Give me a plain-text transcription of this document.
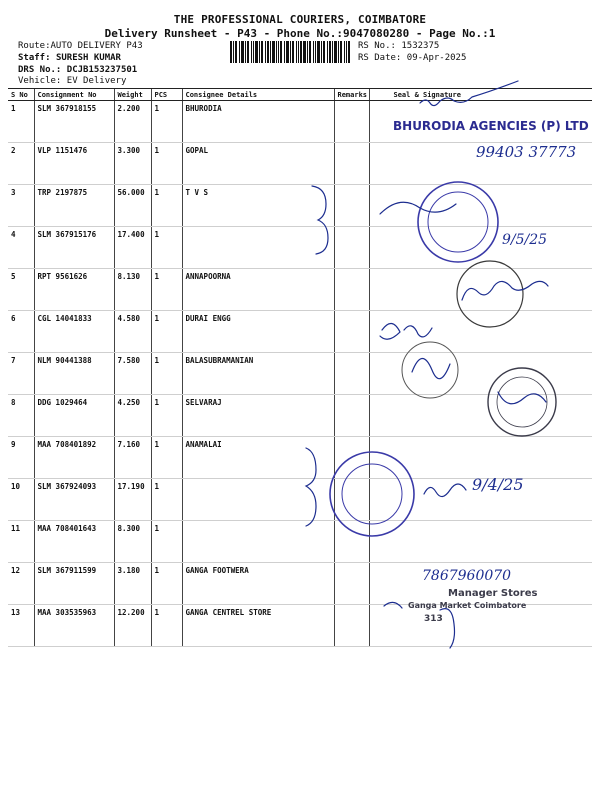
THE PROFESSIONAL COURIERS, COIMBATORE
Delivery Runsheet - P43 - Phone No.:9047080280 - Page No.:1
Route:AUTO DELIVERY P43
Staff: SURESH KUMAR
DRS No.: DCJB153237501
Vehicle: EV Delivery
RS No.: 1532375
RS Date: 09-Apr-2025
S No	Consignment No	Weight	PCS	Consignee Details	Remarks	Seal & Signature
1	SLM 367918155	2.200	1	BHURODIA		
2	VLP 1151476	3.300	1	GOPAL		
3	TRP 2197875	56.000	1	T V S		
4	SLM 367915176	17.400	1			
5	RPT 9561626	8.130	1	ANNAPOORNA		
6	CGL 14041833	4.580	1	DURAI ENGG		
7	NLM 90441388	7.580	1	BALASUBRAMANIAN		
8	DDG 1029464	4.250	1	SELVARAJ		
9	MAA 708401892	7.160	1	ANAMALAI		
10	SLM 367924093	17.190	1			
11	MAA 708401643	8.300	1			
12	SLM 367911599	3.180	1	GANGA FOOTWERA		
13	MAA 303535963	12.200	1	GANGA CENTREL STORE		
BHURODIA AGENCIES (P) LTD
99403 37773
9/5/25
9/4/25
7867960070
Manager Stores
Ganga Market Coimbatore
313
